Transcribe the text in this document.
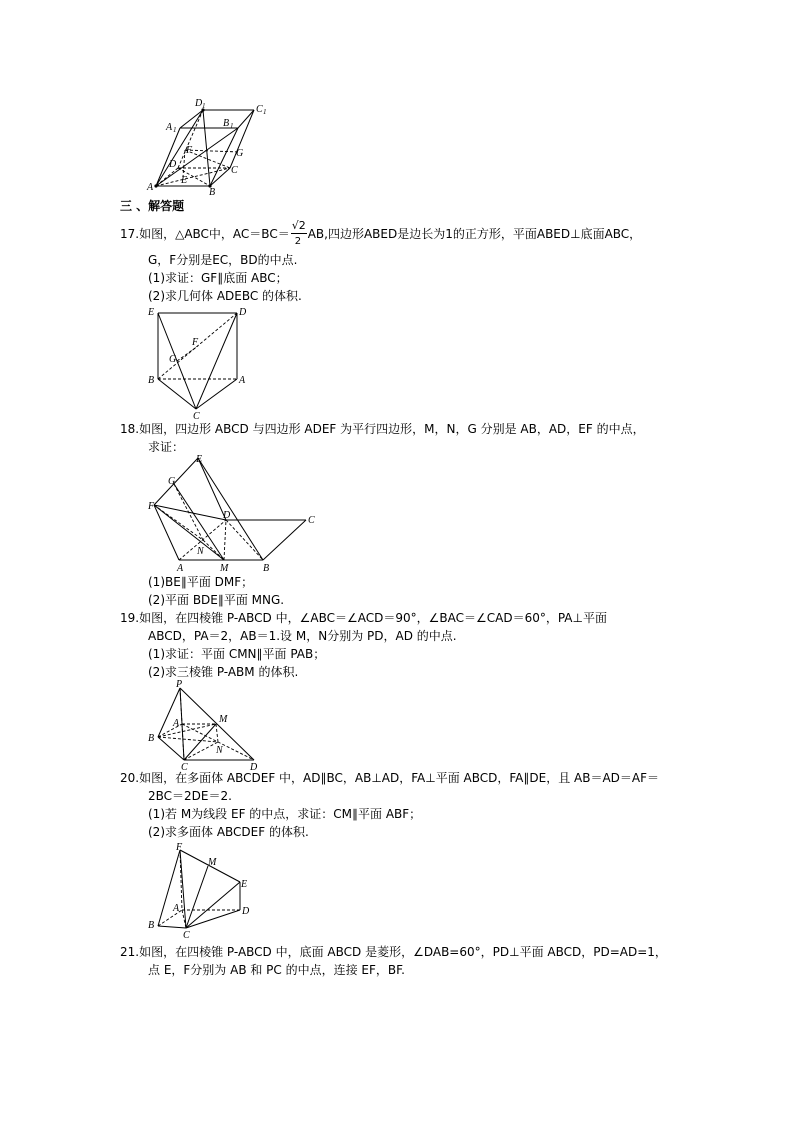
D 1	C 1
A 1
B 1
F	G
D
C
E
A	B
三 、解答题
17.如图，△ABC中，$AC=BC= \frac{√2}{2}$ AB,四边形ABED是边长为1的正方形，平面ABED⊥底面ABC，
G，F分别是EC，BD的中点.
(1)求证：GF∥底面 ABC；
(2)求几何体 ADEBC 的体积.
E	D
F
G
B	A
C
18.如图，四边形 ABCD 与四边形 ADEF 为平行四边形，M，N，G 分别是 AB，AD，EF 的中点，
求证：
E
G
F
D	C
N
A	M	B
(1)BE∥平面 DMF；
(2)平面 BDE∥平面 MNG.
19.如图，在四棱锥 P-ABCD 中，∠ABC＝∠ACD＝90°，∠BAC＝∠CAD＝60°，PA⊥平面
ABCD，PA＝2，AB＝1.设 M，N分别为 PD，AD 的中点.
(1)求证：平面 CMN∥平面 PAB；
(2)求三棱锥 P-ABM 的体积.
P
A	M
B
N
C	D
20.如图，在多面体 ABCDEF 中，AD∥BC，AB⊥AD，FA⊥平面 ABCD，FA∥DE，且 AB＝AD＝AF＝
2BC＝2DE＝2.
(1)若 M为线段 EF 的中点，求证：CM∥平面 ABF；
(2)求多面体 ABCDEF 的体积.
F
M
E
A	D
B
C
21.如图，在四棱锥 P-ABCD 中，底面 ABCD 是菱形，∠DAB=60°，PD⊥平面 ABCD，PD=AD=1，
点 E，F分别为 AB 和 PC 的中点，连接 EF，BF.
